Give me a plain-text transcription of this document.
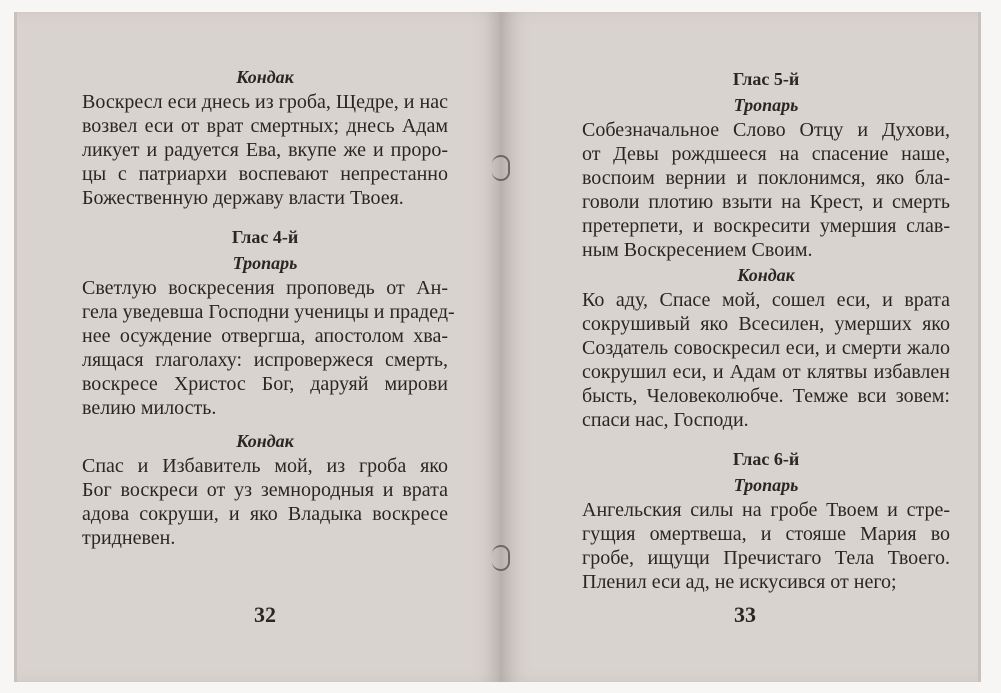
Кондак
Воскресл еси днесь из гроба, Щедре, и нас
возвел еси от врат смертных; днесь Адам
ликует и радуется Ева, вкупе же и проро-
цы с патриархи воспевают непрестанно
Божественную державу власти Твоея.
Глас 4-й
Тропарь
Светлую воскресения проповедь от Ан-
гела уведевша Господни ученицы и прадед-
нее осуждение отвергша, апостолом хва-
лящася глаголаху: испровержеся смерть,
воскресе Христос Бог, даруяй мирови
велию милость.
Кондак
Спас и Избавитель мой, из гроба яко
Бог воскреси от уз земнородныя и врата
адова сокруши, и яко Владыка воскресе
тридневен.
Глас 5-й
Тропарь
Собезначальное Слово Отцу и Духови,
от Девы рождшееся на спасение наше,
воспоим вернии и поклонимся, яко бла-
говоли плотию взыти на Крест, и смерть
претерпети, и воскресити умершия слав-
ным Воскресением Своим.
Кондак
Ко аду, Спасе мой, сошел еси, и врата
сокрушивый яко Всесилен, умерших яко
Создатель совоскресил еси, и смерти жало
сокрушил еси, и Адам от клятвы избавлен
бысть, Человеколюбче. Темже вси зовем:
спаси нас, Господи.
Глас 6-й
Тропарь
Ангельския силы на гробе Твоем и стре-
гущия омертвеша, и стояше Мария во
гробе, ищущи Пречистаго Тела Твоего.
Пленил еси ад, не искусився от него;
32	33
